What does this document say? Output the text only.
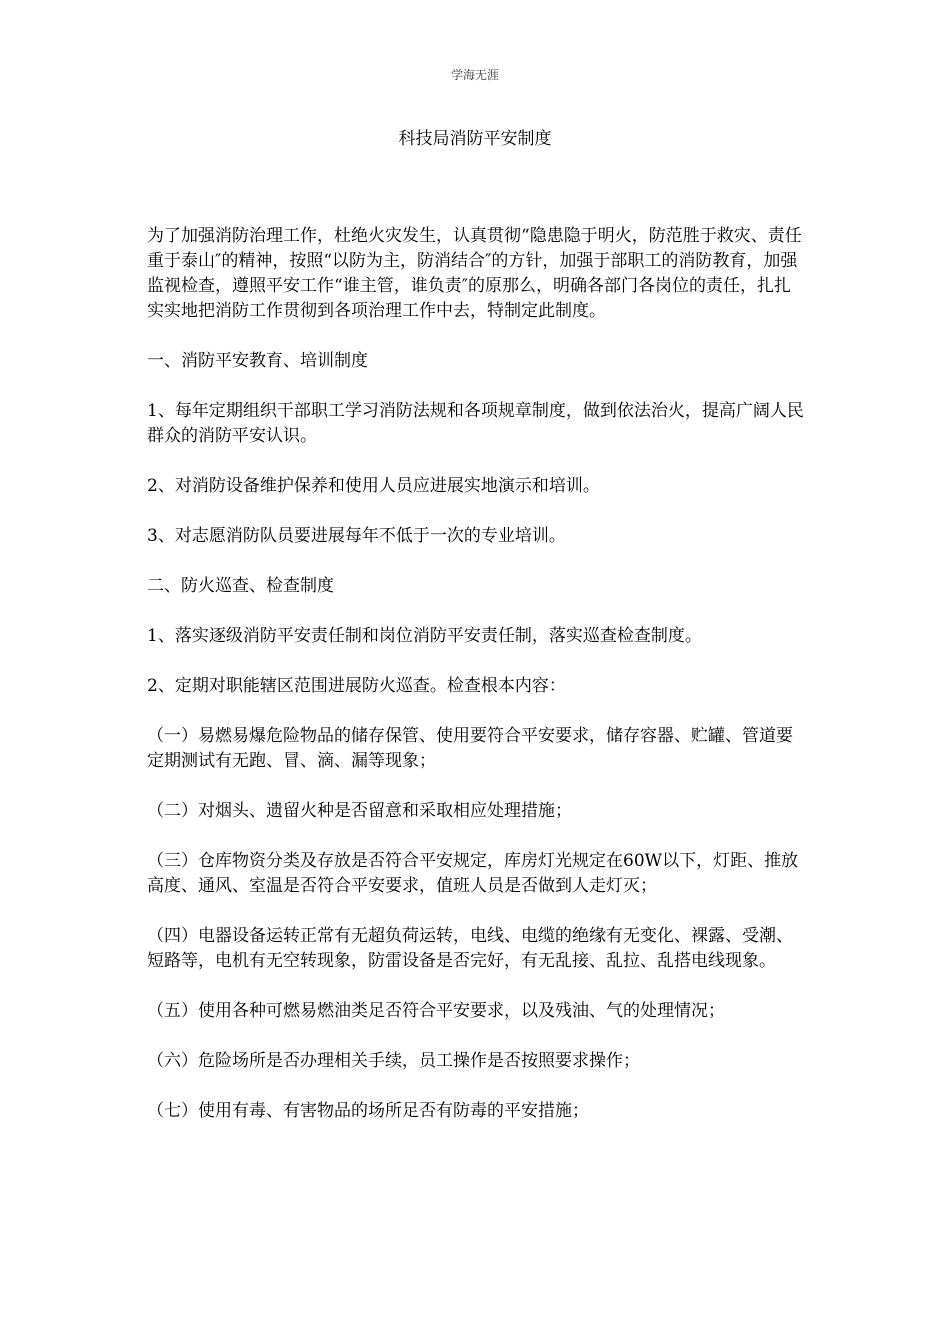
学海无涯
科技局消防平安制度

为了加强消防治理工作，杜绝火灾发生，认真贯彻“隐患隐于明火，防范胜于救灾、责任重于泰山″的精神，按照“以防为主，防消结合″的方针，加强于部职工的消防教育，加强监视检查，遵照平安工作“谁主管，谁负责″的原那么，明确各部门各岗位的责任，扎扎实实地把消防工作贯彻到各项治理工作中去，特制定此制度。

一、消防平安教育、培训制度

1、每年定期组织干部职工学习消防法规和各项规章制度，做到依法治火，提高广阔人民群众的消防平安认识。

2、对消防设备维护保养和使用人员应进展实地演示和培训。

3、对志愿消防队员要进展每年不低于一次的专业培训。

二、防火巡查、检查制度

1、落实逐级消防平安责任制和岗位消防平安责任制，落实巡查检查制度。

2、定期对职能辖区范围进展防火巡查。检查根本内容：

（一）易燃易爆危险物品的储存保管、使用要符合平安要求，储存容器、贮罐、管道要定期测试有无跑、冒、滴、漏等现象；

（二）对烟头、遗留火种是否留意和采取相应处理措施；

（三）仓库物资分类及存放是否符合平安规定，库房灯光规定在60W以下，灯距、推放高度、通风、室温是否符合平安要求，值班人员是否做到人走灯灭；

（四）电器设备运转正常有无超负荷运转，电线、电缆的绝缘有无变化、裸露、受潮、短路等，电机有无空转现象，防雷设备是否完好，有无乱接、乱拉、乱搭电线现象。

（五）使用各种可燃易燃油类足否符合平安要求，以及残油、气的处理情况；

（六）危险场所是否办理相关手续，员工操作是否按照要求操作；

（七）使用有毒、有害物品的场所足否有防毒的平安措施；
